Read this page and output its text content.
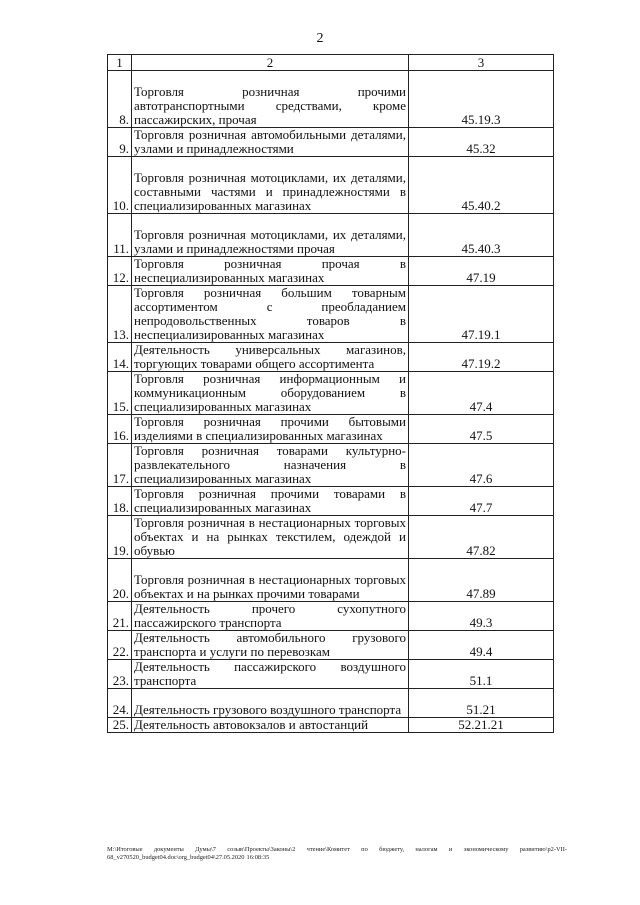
2
1	2	3
8.	Торговля розничная прочими автотранспортными средствами, кроме пассажирских, прочая	45.19.3
9.	Торговля розничная автомобильными деталями, узлами и принадлежностями	45.32
10.	Торговля розничная мотоциклами, их деталями, составными частями и принадлежностями в специализированных магазинах	45.40.2
11.	Торговля розничная мотоциклами, их деталями, узлами и принадлежностями прочая	45.40.3
12.	Торговля розничная прочая в неспециализированных магазинах	47.19
13.	Торговля розничная большим товарным ассортиментом с преобладанием непродовольственных товаров в неспециализированных магазинах	47.19.1
14.	Деятельность универсальных магазинов, торгующих товарами общего ассортимента	47.19.2
15.	Торговля розничная информационным и коммуникационным оборудованием в специализированных магазинах	47.4
16.	Торговля розничная прочими бытовыми изделиями в специализированных магазинах	47.5
17.	Торговля розничная товарами культурно-развлекательного назначения в специализированных магазинах	47.6
18.	Торговля розничная прочими товарами в специализированных магазинах	47.7
19.	Торговля розничная в нестационарных торговых объектах и на рынках текстилем, одеждой и обувью	47.82
20.	Торговля розничная в нестационарных торговых объектах и на рынках прочими товарами	47.89
21.	Деятельность прочего сухопутного пассажирского транспорта	49.3
22.	Деятельность автомобильного грузового транспорта и услуги по перевозкам	49.4
23.	Деятельность пассажирского воздушного транспорта	51.1
24.	Деятельность грузового воздушного транспорта	51.21
25.	Деятельность автовокзалов и автостанций	52.21.21
M:\Итоговые документы Думы\7 созыв\Проекты\Законы\2 чтение\Комитет по бюджету, налогам и экономическому развитию\p2-VII-68_v270520_budget04.doc\org_budget04\27.05.2020 16:08:35
